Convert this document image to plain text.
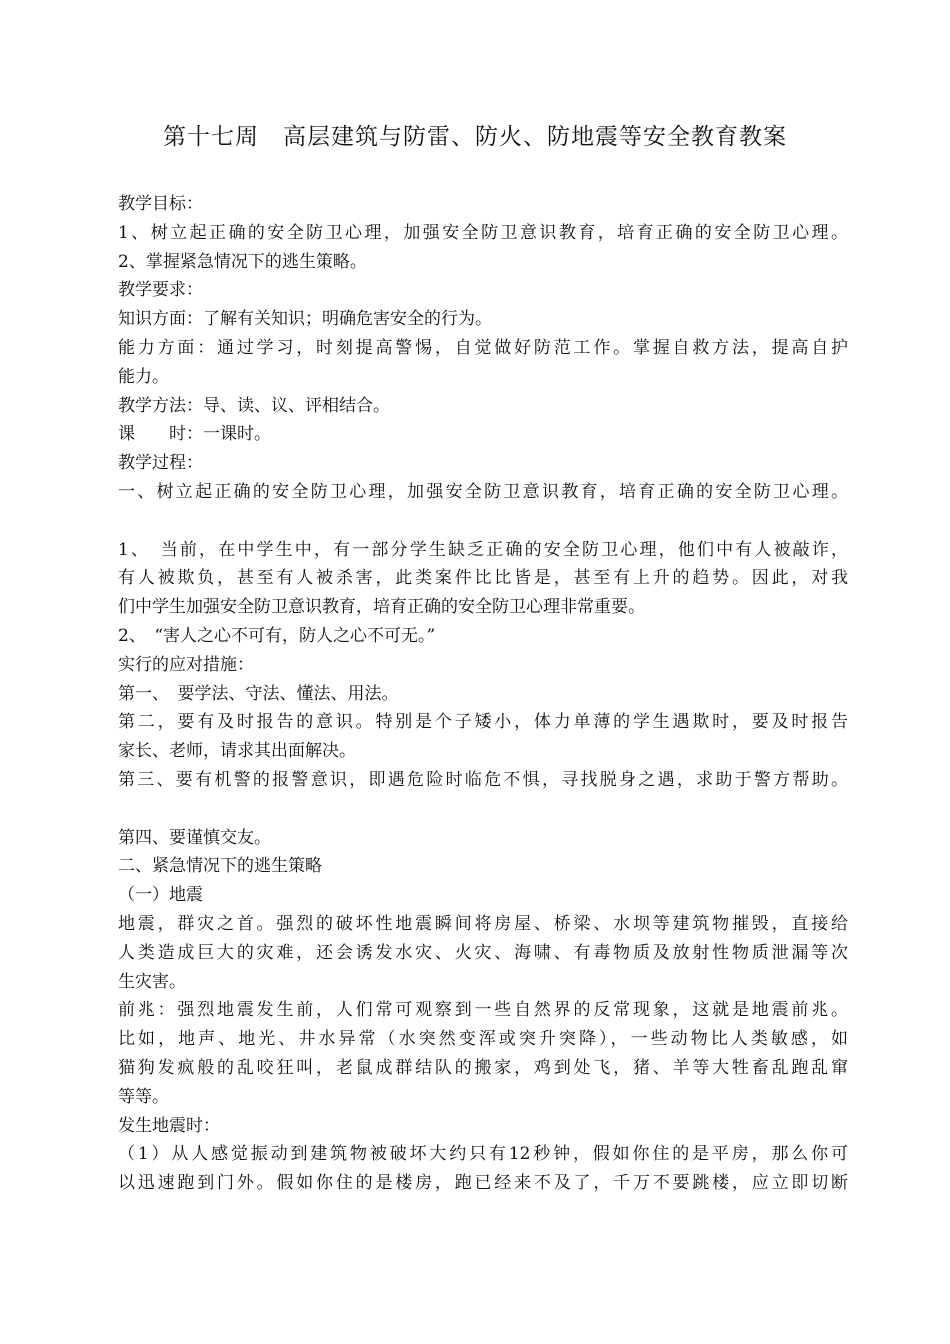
第十七周　高层建筑与防雷、防火、防地震等安全教育教案
教学目标：
1、树立起正确的安全防卫心理，加强安全防卫意识教育，培育正确的安全防卫心理。
2、掌握紧急情况下的逃生策略。
教学要求：
知识方面：了解有关知识；明确危害安全的行为。
能力方面：通过学习，时刻提高警惕，自觉做好防范工作。掌握自救方法，提高自护
能力。
教学方法：导、读、议、评相结合。
课　　时：一课时。
教学过程：
一、树立起正确的安全防卫心理，加强安全防卫意识教育，培育正确的安全防卫心理。
1、　当前，在中学生中，有一部分学生缺乏正确的安全防卫心理，他们中有人被敲诈，
有人被欺负，甚至有人被杀害，此类案件比比皆是，甚至有上升的趋势。因此，对我
们中学生加强安全防卫意识教育，培育正确的安全防卫心理非常重要。
2、　“害人之心不可有，防人之心不可无。”
实行的应对措施：
第一、　要学法、守法、懂法、用法。
第二，要有及时报告的意识。特别是个子矮小，体力单薄的学生遇欺时，要及时报告
家长、老师，请求其出面解决。
第三、要有机警的报警意识，即遇危险时临危不惧，寻找脱身之遇，求助于警方帮助。
第四、要谨慎交友。
二、紧急情况下的逃生策略
（一）地震
地震，群灾之首。强烈的破坏性地震瞬间将房屋、桥梁、水坝等建筑物摧毁，直接给
人类造成巨大的灾难，还会诱发水灾、火灾、海啸、有毒物质及放射性物质泄漏等次
生灾害。
前兆：强烈地震发生前，人们常可观察到一些自然界的反常现象，这就是地震前兆。
比如，地声、地光、井水异常（水突然变浑或突升突降），一些动物比人类敏感，如
猫狗发疯般的乱咬狂叫，老鼠成群结队的搬家，鸡到处飞，猪、羊等大牲畜乱跑乱窜
等等。
发生地震时：
（1）从人感觉振动到建筑物被破坏大约只有12秒钟，假如你住的是平房，那么你可
以迅速跑到门外。假如你住的是楼房，跑已经来不及了，千万不要跳楼，应立即切断
